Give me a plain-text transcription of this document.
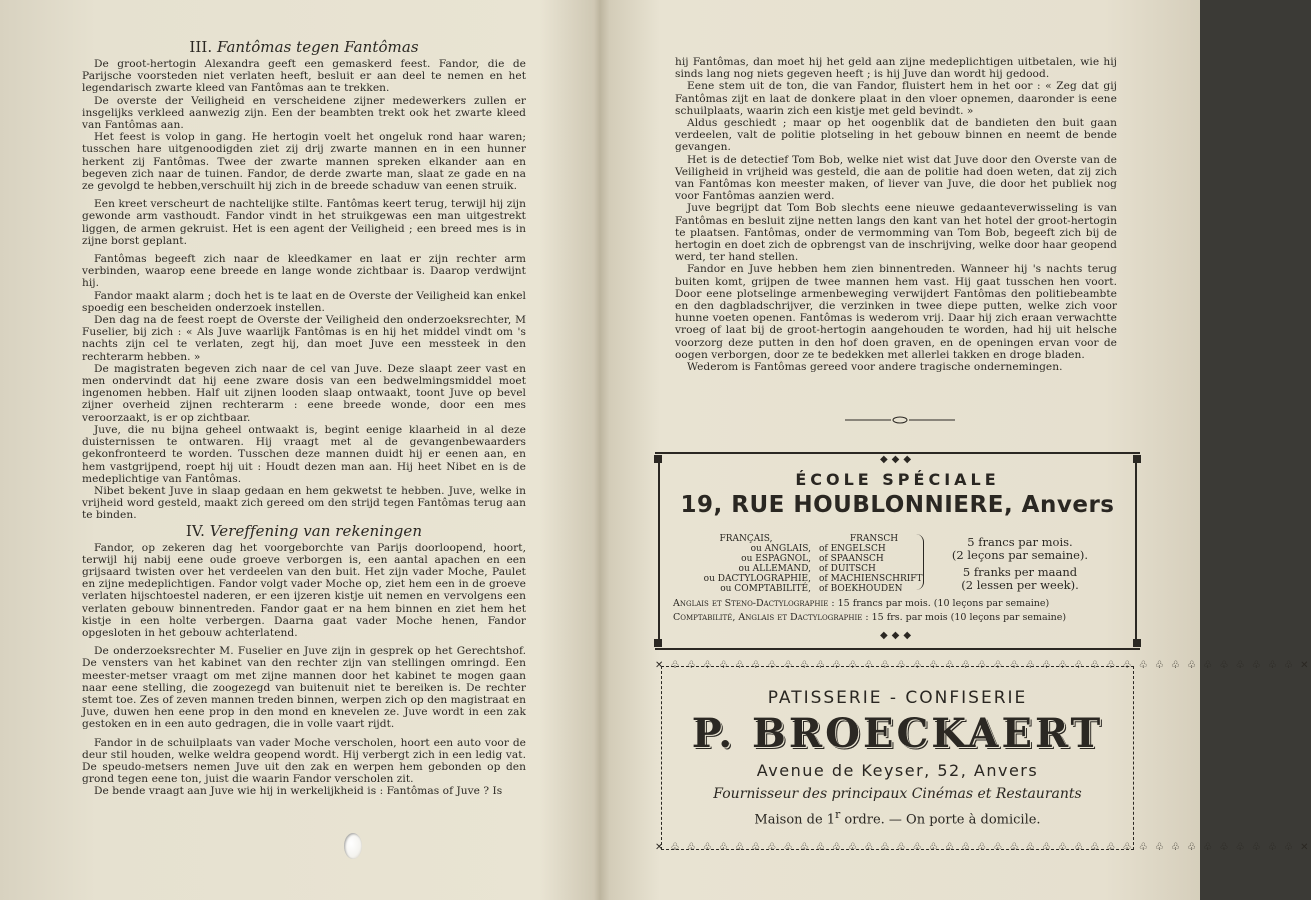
III. Fantômas tegen Fantômas

De groot-hertogin Alexandra geeft een gemaskerd feest. Fandor, die de Parijsche voorsteden niet verlaten heeft, besluit er aan deel te nemen en het legendarisch zwarte kleed van Fantômas aan te trekken.

De overste der Veiligheid en verscheidene zijner medewerkers zullen er insgelijks verkleed aanwezig zijn. Een der beambten trekt ook het zwarte kleed van Fantômas aan.

Het feest is volop in gang. He hertogin voelt het ongeluk rond haar waren; tusschen hare uitgenoodigden ziet zij drij zwarte mannen en in een hunner herkent zij Fantômas. Twee der zwarte mannen spreken elkander aan en begeven zich naar de tuinen. Fandor, de derde zwarte man, slaat ze gade en na ze gevolgd te hebben,verschuilt hij zich in de breede schaduw van eenen struik.

Een kreet verscheurt de nachtelijke stilte. Fantômas keert terug, terwijl hij zijn gewonde arm vasthoudt. Fandor vindt in het struikgewas een man uitgestrekt liggen, de armen gekruist. Het is een agent der Veiligheid ; een breed mes is in zijne borst geplant.

Fantômas begeeft zich naar de kleedkamer en laat er zijn rechter arm verbinden, waarop eene breede en lange wonde zichtbaar is. Daarop verdwijnt hij.

Fandor maakt alarm ; doch het is te laat en de Overste der Veiligheid kan enkel spoedig een bescheiden onderzoek instellen.

Den dag na de feest roept de Overste der Veiligheid den onderzoeksrechter, M Fuselier, bij zich : « Als Juve waarlijk Fantômas is en hij het middel vindt om 's nachts zijn cel te verlaten, zegt hij, dan moet Juve een messteek in den rechterarm hebben. »

De magistraten begeven zich naar de cel van Juve. Deze slaapt zeer vast en men ondervindt dat hij eene zware dosis van een bedwelmingsmiddel moet ingenomen hebben. Half uit zijnen looden slaap ontwaakt, toont Juve op bevel zijner overheid zijnen rechterarm : eene breede wonde, door een mes veroorzaakt, is er op zichtbaar.

Juve, die nu bijna geheel ontwaakt is, begint eenige klaarheid in al deze duisternissen te ontwaren. Hij vraagt met al de gevangenbewaarders gekonfronteerd te worden. Tusschen deze mannen duidt hij er eenen aan, en hem vastgrijpend, roept hij uit : Houdt dezen man aan. Hij heet Nibet en is de medeplichtige van Fantômas.

Nibet bekent Juve in slaap gedaan en hem gekwetst te hebben. Juve, welke in vrijheid word gesteld, maakt zich gereed om den strijd tegen Fantômas terug aan te binden.

IV. Vereffening van rekeningen

Fandor, op zekeren dag het voorgeborchte van Parijs doorloopend, hoort, terwijl hij nabij eene oude groeve verborgen is, een aantal apachen en een grijsaard twisten over het verdeelen van den buit. Het zijn vader Moche, Paulet en zijne medeplichtigen. Fandor volgt vader Moche op, ziet hem een in de groeve verlaten hijschtoestel naderen, er een ijzeren kistje uit nemen en vervolgens een verlaten gebouw binnentreden. Fandor gaat er na hem binnen en ziet hem het kistje in een holte verbergen. Daarna gaat vader Moche henen, Fandor opgesloten in het gebouw achterlatend.

De onderzoeksrechter M. Fuselier en Juve zijn in gesprek op het Gerechtshof. De vensters van het kabinet van den rechter zijn van stellingen omringd. Een meester-metser vraagt om met zijne mannen door het kabinet te mogen gaan naar eene stelling, die zoogezegd van buitenuit niet te bereiken is. De rechter stemt toe. Zes of zeven mannen treden binnen, werpen zich op den magistraat en Juve, duwen hen eene prop in den mond en knevelen ze. Juve wordt in een zak gestoken en in een auto gedragen, die in volle vaart rijdt.

Fandor in de schuilplaats van vader Moche verscholen, hoort een auto voor de deur stil houden, welke weldra geopend wordt. Hij verbergt zich in een ledig vat. De speudo-metsers nemen Juve uit den zak en werpen hem gebonden op den grond tegen eene ton, juist die waarin Fandor verscholen zit.

De bende vraagt aan Juve wie hij in werkelijkheid is : Fantômas of Juve ? Is

hij Fantômas, dan moet hij het geld aan zijne medeplichtigen uitbetalen, wie hij sinds lang nog niets gegeven heeft ; is hij Juve dan wordt hij gedood.

Eene stem uit de ton, die van Fandor, fluistert hem in het oor : « Zeg dat gij Fantômas zijt en laat de donkere plaat in den vloer opnemen, daaronder is eene schuilplaats, waarin zich een kistje met geld bevindt. »

Aldus geschiedt ; maar op het oogenblik dat de bandieten den buit gaan verdeelen, valt de politie plotseling in het gebouw binnen en neemt de bende gevangen.

Het is de detectief Tom Bob, welke niet wist dat Juve door den Overste van de Veiligheid in vrijheid was gesteld, die aan de politie had doen weten, dat zij zich van Fantômas kon meester maken, of liever van Juve, die door het publiek nog voor Fantômas aanzien werd.

Juve begrijpt dat Tom Bob slechts eene nieuwe gedaanteverwisseling is van Fantômas en besluit zijne netten langs den kant van het hotel der groot-hertogin te plaatsen. Fantômas, onder de vermomming van Tom Bob, begeeft zich bij de hertogin en doet zich de opbrengst van de inschrijving, welke door haar geopend werd, ter hand stellen.

Fandor en Juve hebben hem zien binnentreden. Wanneer hij 's nachts terug buiten komt, grijpen de twee mannen hem vast. Hij gaat tusschen hen voort. Door eene plotselinge armenbeweging verwijdert Fantômas den politiebeambte en den dagbladschrijver, die verzinken in twee diepe putten, welke zich voor hunne voeten openen. Fantômas is wederom vrij. Daar hij zich eraan verwachtte vroeg of laat bij de groot-hertogin aangehouden te worden, had hij uit helsche voorzorg deze putten in den hof doen graven, en de openingen ervan voor de oogen verborgen, door ze te bedekken met allerlei takken en droge bladen.

Wederom is Fantômas gereed voor andere tragische ondernemingen.

◆◆◆
ÉCOLE SPÉCIALE
19, RUE HOUBLONNIERE, Anvers
FRANÇAIS,
ou ANGLAIS,
ou ESPAGNOL,
ou ALLEMAND,
ou DACTYLOGRAPHIE,
ou COMPTABILITÉ,
FRANSCH
of ENGELSCH
of SPAANSCH
of DUITSCH
of MACHIENSCHRIFT
of BOEKHOUDEN
5 francs par mois.
(2 leçons par semaine).
5 franks per maand
(2 lessen per week).
Anglais et Steno-Dactylographie : 15 francs par mois. (10 leçons par semaine)
Comptabilité, Anglais et Dactylographie : 15 frs. par mois (10 leçons par semaine)
◆◆◆
✕ ♧ ♧ ♧ ♧ ♧ ♧ ♧ ♧ ♧ ♧ ♧ ♧ ♧ ♧ ♧ ♧ ♧ ♧ ♧ ♧ ♧ ♧ ♧ ♧ ♧ ♧ ♧ ♧ ♧ ♧ ♧ ♧ ♧ ♧ ♧ ♧ ♧ ♧ ♧ ✕
✕ ♧ ♧ ♧ ♧ ♧ ♧ ♧ ♧ ♧ ♧ ♧ ♧ ♧ ♧ ♧ ♧ ♧ ♧ ♧ ♧ ♧ ♧ ♧ ♧ ♧ ♧ ♧ ♧ ♧ ♧ ♧ ♧ ♧ ♧ ♧ ♧ ♧ ♧ ♧ ✕
PATISSERIE - CONFISERIE
P. BROECKAERT
Avenue de Keyser, 52, Anvers
Fournisseur des principaux Cinémas et Restaurants
Maison de 1$^r$ ordre. — On porte à domicile.
